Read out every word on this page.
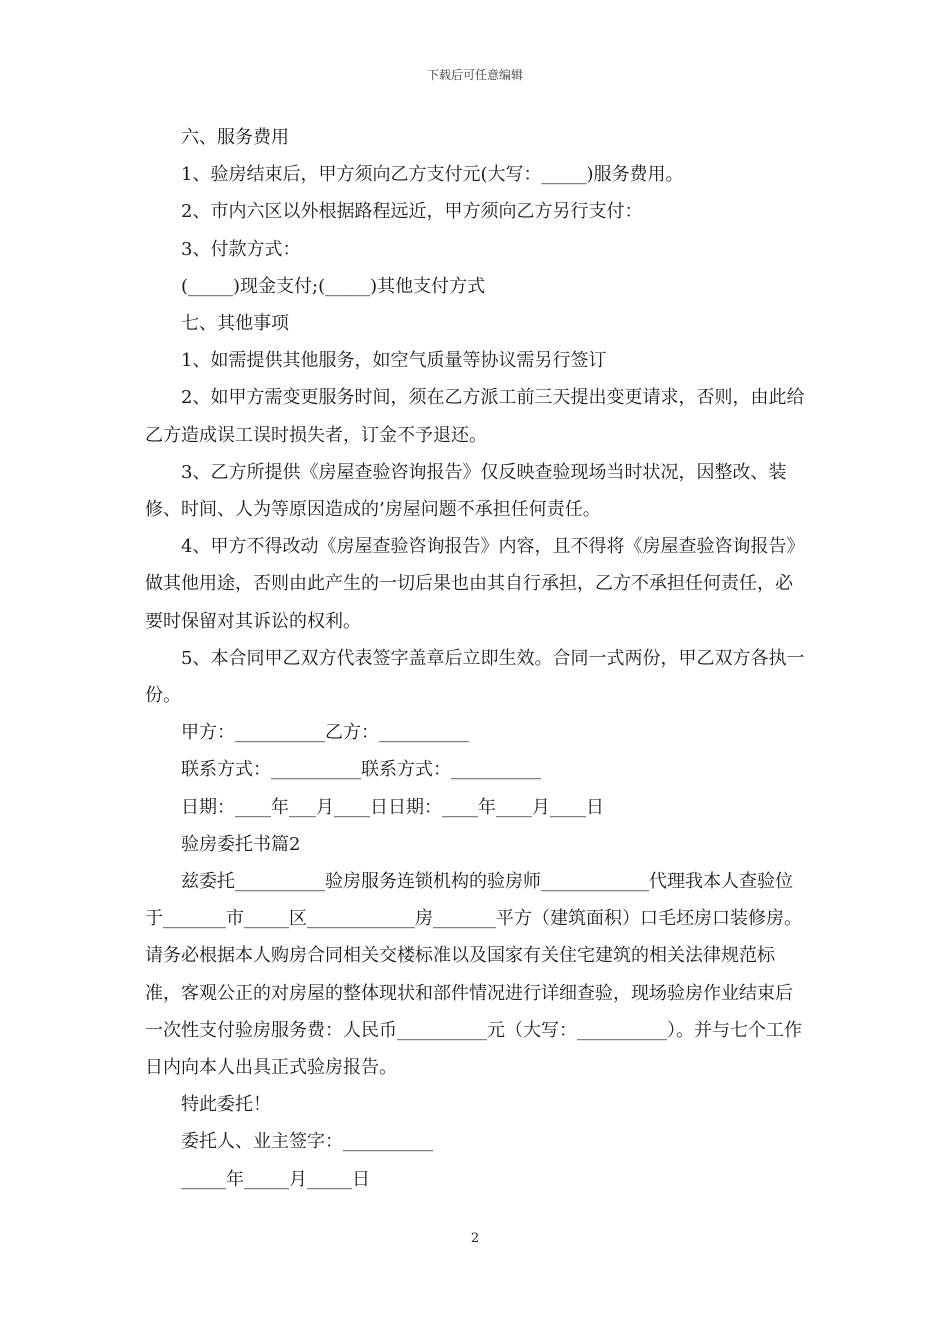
下载后可任意编辑

六、服务费用

1、验房结束后，甲方须向乙方支付元(大写：_____)服务费用。

2、市内六区以外根据路程远近，甲方须向乙方另行支付：

3、付款方式：

(_____)现金支付;(_____)其他支付方式

七、其他事项

1、如需提供其他服务，如空气质量等协议需另行签订

2、如甲方需变更服务时间，须在乙方派工前三天提出变更请求，否则，由此给乙方造成误工误时损失者，订金不予退还。

3、乙方所提供《房屋查验咨询报告》仅反映查验现场当时状况，因整改、装修、时间、人为等原因造成的’房屋问题不承担任何责任。

4、甲方不得改动《房屋查验咨询报告》内容，且不得将《房屋查验咨询报告》做其他用途，否则由此产生的一切后果也由其自行承担，乙方不承担任何责任，必要时保留对其诉讼的权利。

5、本合同甲乙双方代表签字盖章后立即生效。合同一式两份，甲乙双方各执一份。

甲方：__________乙方：__________

联系方式：__________联系方式：__________

日期：____年___月____日日期：____年____月____日

验房委托书篇2

兹委托__________验房服务连锁机构的验房师____________代理我本人查验位于_______市_____区____________房_______平方（建筑面积）口毛坯房口装修房。请务必根据本人购房合同相关交楼标准以及国家有关住宅建筑的相关法律规范标准，客观公正的对房屋的整体现状和部件情况进行详细查验，现场验房作业结束后一次性支付验房服务费：人民币__________元（大写：__________）。并与七个工作日内向本人出具正式验房报告。

特此委托！

委托人、业主签字：__________

_____年_____月_____日

2
